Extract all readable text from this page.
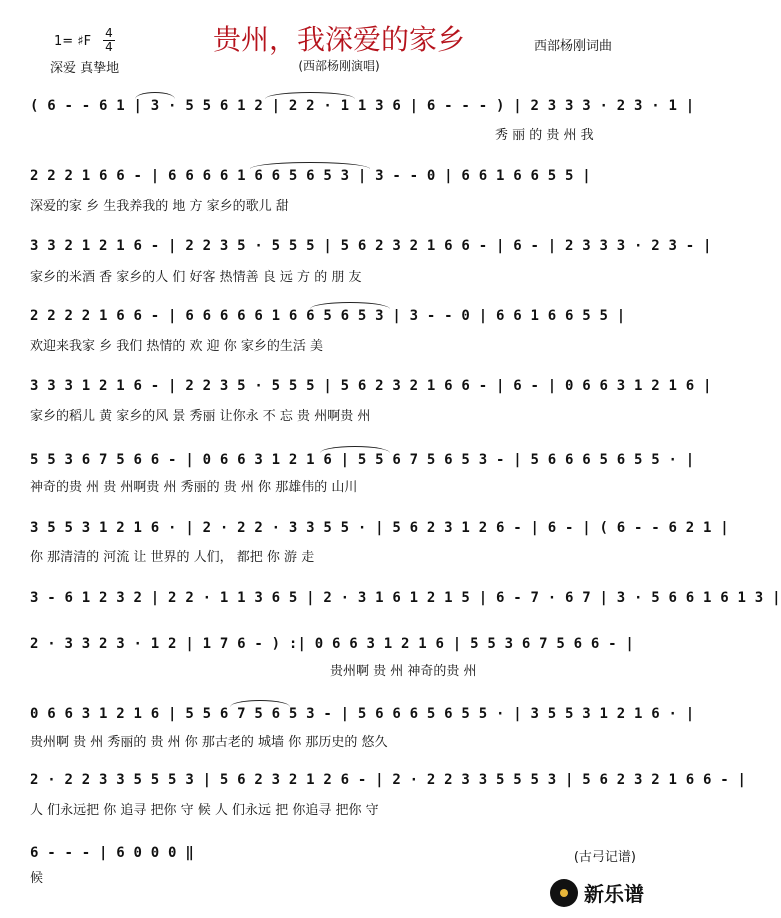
贵州，我深爱的家乡
1= ♯F
4
4
深爱 真挚地
西部杨刚词曲
(西部杨刚演唱)
( 6 - - 6 1 | 3 · 5 5 6 1 2 | 2 2 · 1 1 3 6 | 6 - - - ) | 2 3 3 3 · 2 3 · 1 |
秀 丽 的 贵 州 我
2 2 2 1 6 6 - | 6 6 6 6 1 6 6 5 6 5 3 | 3 - - 0 | 6 6 1 6 6 5 5 |
深爱的家 乡 生我养我的 地 方 家乡的歌儿 甜
3 3 2 1 2 1 6 - | 2 2 3 5 · 5 5 5 | 5 6 2 3 2 1 6 6 - | 6 - | 2 3 3 3 · 2 3 - |
家乡的米酒 香 家乡的人 们 好客 热情善 良 远 方 的 朋 友
2 2 2 2 1 6 6 - | 6 6 6 6 6 1 6 6 5 6 5 3 | 3 - - 0 | 6 6 1 6 6 5 5 |
欢迎来我家 乡 我们 热情的 欢 迎 你 家乡的生活 美
3 3 3 1 2 1 6 - | 2 2 3 5 · 5 5 5 | 5 6 2 3 2 1 6 6 - | 6 - | 0 6 6 3 1 2 1 6 |
家乡的稻儿 黄 家乡的风 景 秀丽 让你永 不 忘 贵 州啊贵 州
5 5 3 6 7 5 6 6 - | 0 6 6 3 1 2 1 6 | 5 5 6 7 5 6 5 3 - | 5 6 6 6 5 6 5 5 · |
神奇的贵 州 贵 州啊贵 州 秀丽的 贵 州 你 那雄伟的 山川
3 5 5 3 1 2 1 6 · | 2 · 2 2 · 3 3 5 5 · | 5 6 2 3 1 2 6 - | 6 - | ( 6 - - 6 2 1 |
你 那清清的 河流 让 世界的 人们， 都把 你 游 走
3 - 6 1 2 3 2 | 2 2 · 1 1 3 6 5 | 2 · 3 1 6 1 2 1 5 | 6 - 7 · 6 7 | 3 · 5 6 6 1 6 1 3 |
2 · 3 3 2 3 · 1 2 | 1 7 6 - ) :| 0 6 6 3 1 2 1 6 | 5 5 3 6 7 5 6 6 - |
贵州啊 贵 州 神奇的贵 州
0 6 6 3 1 2 1 6 | 5 5 6 7 5 6 5 3 - | 5 6 6 6 5 6 5 5 · | 3 5 5 3 1 2 1 6 · |
贵州啊 贵 州 秀丽的 贵 州 你 那古老的 城墙 你 那历史的 悠久
2 · 2 2 3 3 5 5 5 3 | 5 6 2 3 2 1 2 6 - | 2 · 2 2 3 3 5 5 5 3 | 5 6 2 3 2 1 6 6 - |
人 们永远把 你 追寻 把你 守 候 人 们永远 把 你追寻 把你 守
6 - - - | 6 0 0 0 ‖
候
(古弓记谱)
新乐谱
